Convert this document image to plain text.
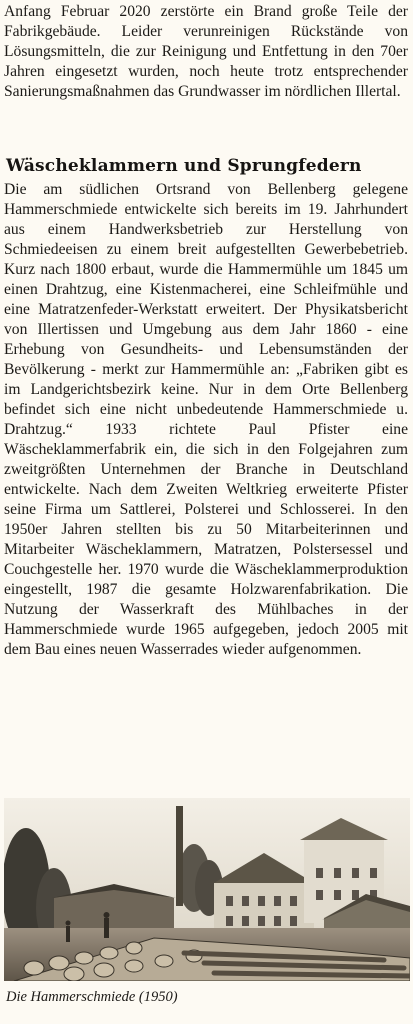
Anfang Februar 2020 zerstörte ein Brand große Teile der Fabrikgebäude. Leider verunreinigen Rückstände von Lösungsmitteln, die zur Reinigung und Entfettung in den 70er Jahren eingesetzt wurden, noch heute trotz entsprechender Sanierungsmaßnahmen das Grundwasser im nördlichen Illertal.

Wäscheklammern und Sprungfedern

Die am südlichen Ortsrand von Bellenberg gelegene Hammerschmiede entwickelte sich bereits im 19. Jahrhundert aus einem Handwerksbetrieb zur Herstellung von Schmiedeeisen zu einem breit aufgestellten Gewerbebetrieb. Kurz nach 1800 erbaut, wurde die Hammermühle um 1845 um einen Drahtzug, eine Kistenmacherei, eine Schleifmühle und eine Matratzenfeder-Werkstatt erweitert. Der Physikatsbericht von Illertissen und Umgebung aus dem Jahr 1860 - eine Erhebung von Gesundheits- und Lebensumständen der Bevölkerung - merkt zur Hammermühle an: „Fabriken gibt es im Landgerichtsbezirk keine. Nur in dem Orte Bellenberg befindet sich eine nicht unbedeutende Hammerschmiede u. Drahtzug.“ 1933 richtete Paul Pfister eine Wäscheklammerfabrik ein, die sich in den Folgejahren zum zweitgrößten Unternehmen der Branche in Deutschland entwickelte. Nach dem Zweiten Weltkrieg erweiterte Pfister seine Firma um Sattlerei, Polsterei und Schlosserei. In den 1950er Jahren stellten bis zu 50 Mitarbeiterinnen und Mitarbeiter Wäscheklammern, Matratzen, Polstersessel und Couchgestelle her. 1970 wurde die Wäscheklammerproduktion eingestellt, 1987 die gesamte Holzwarenfabrikation. Die Nutzung der Wasserkraft des Mühlbaches in der Hammerschmiede wurde 1965 aufgegeben, jedoch 2005 mit dem Bau eines neuen Wasserrades wieder aufgenommen.

Die Hammerschmiede (1950)
